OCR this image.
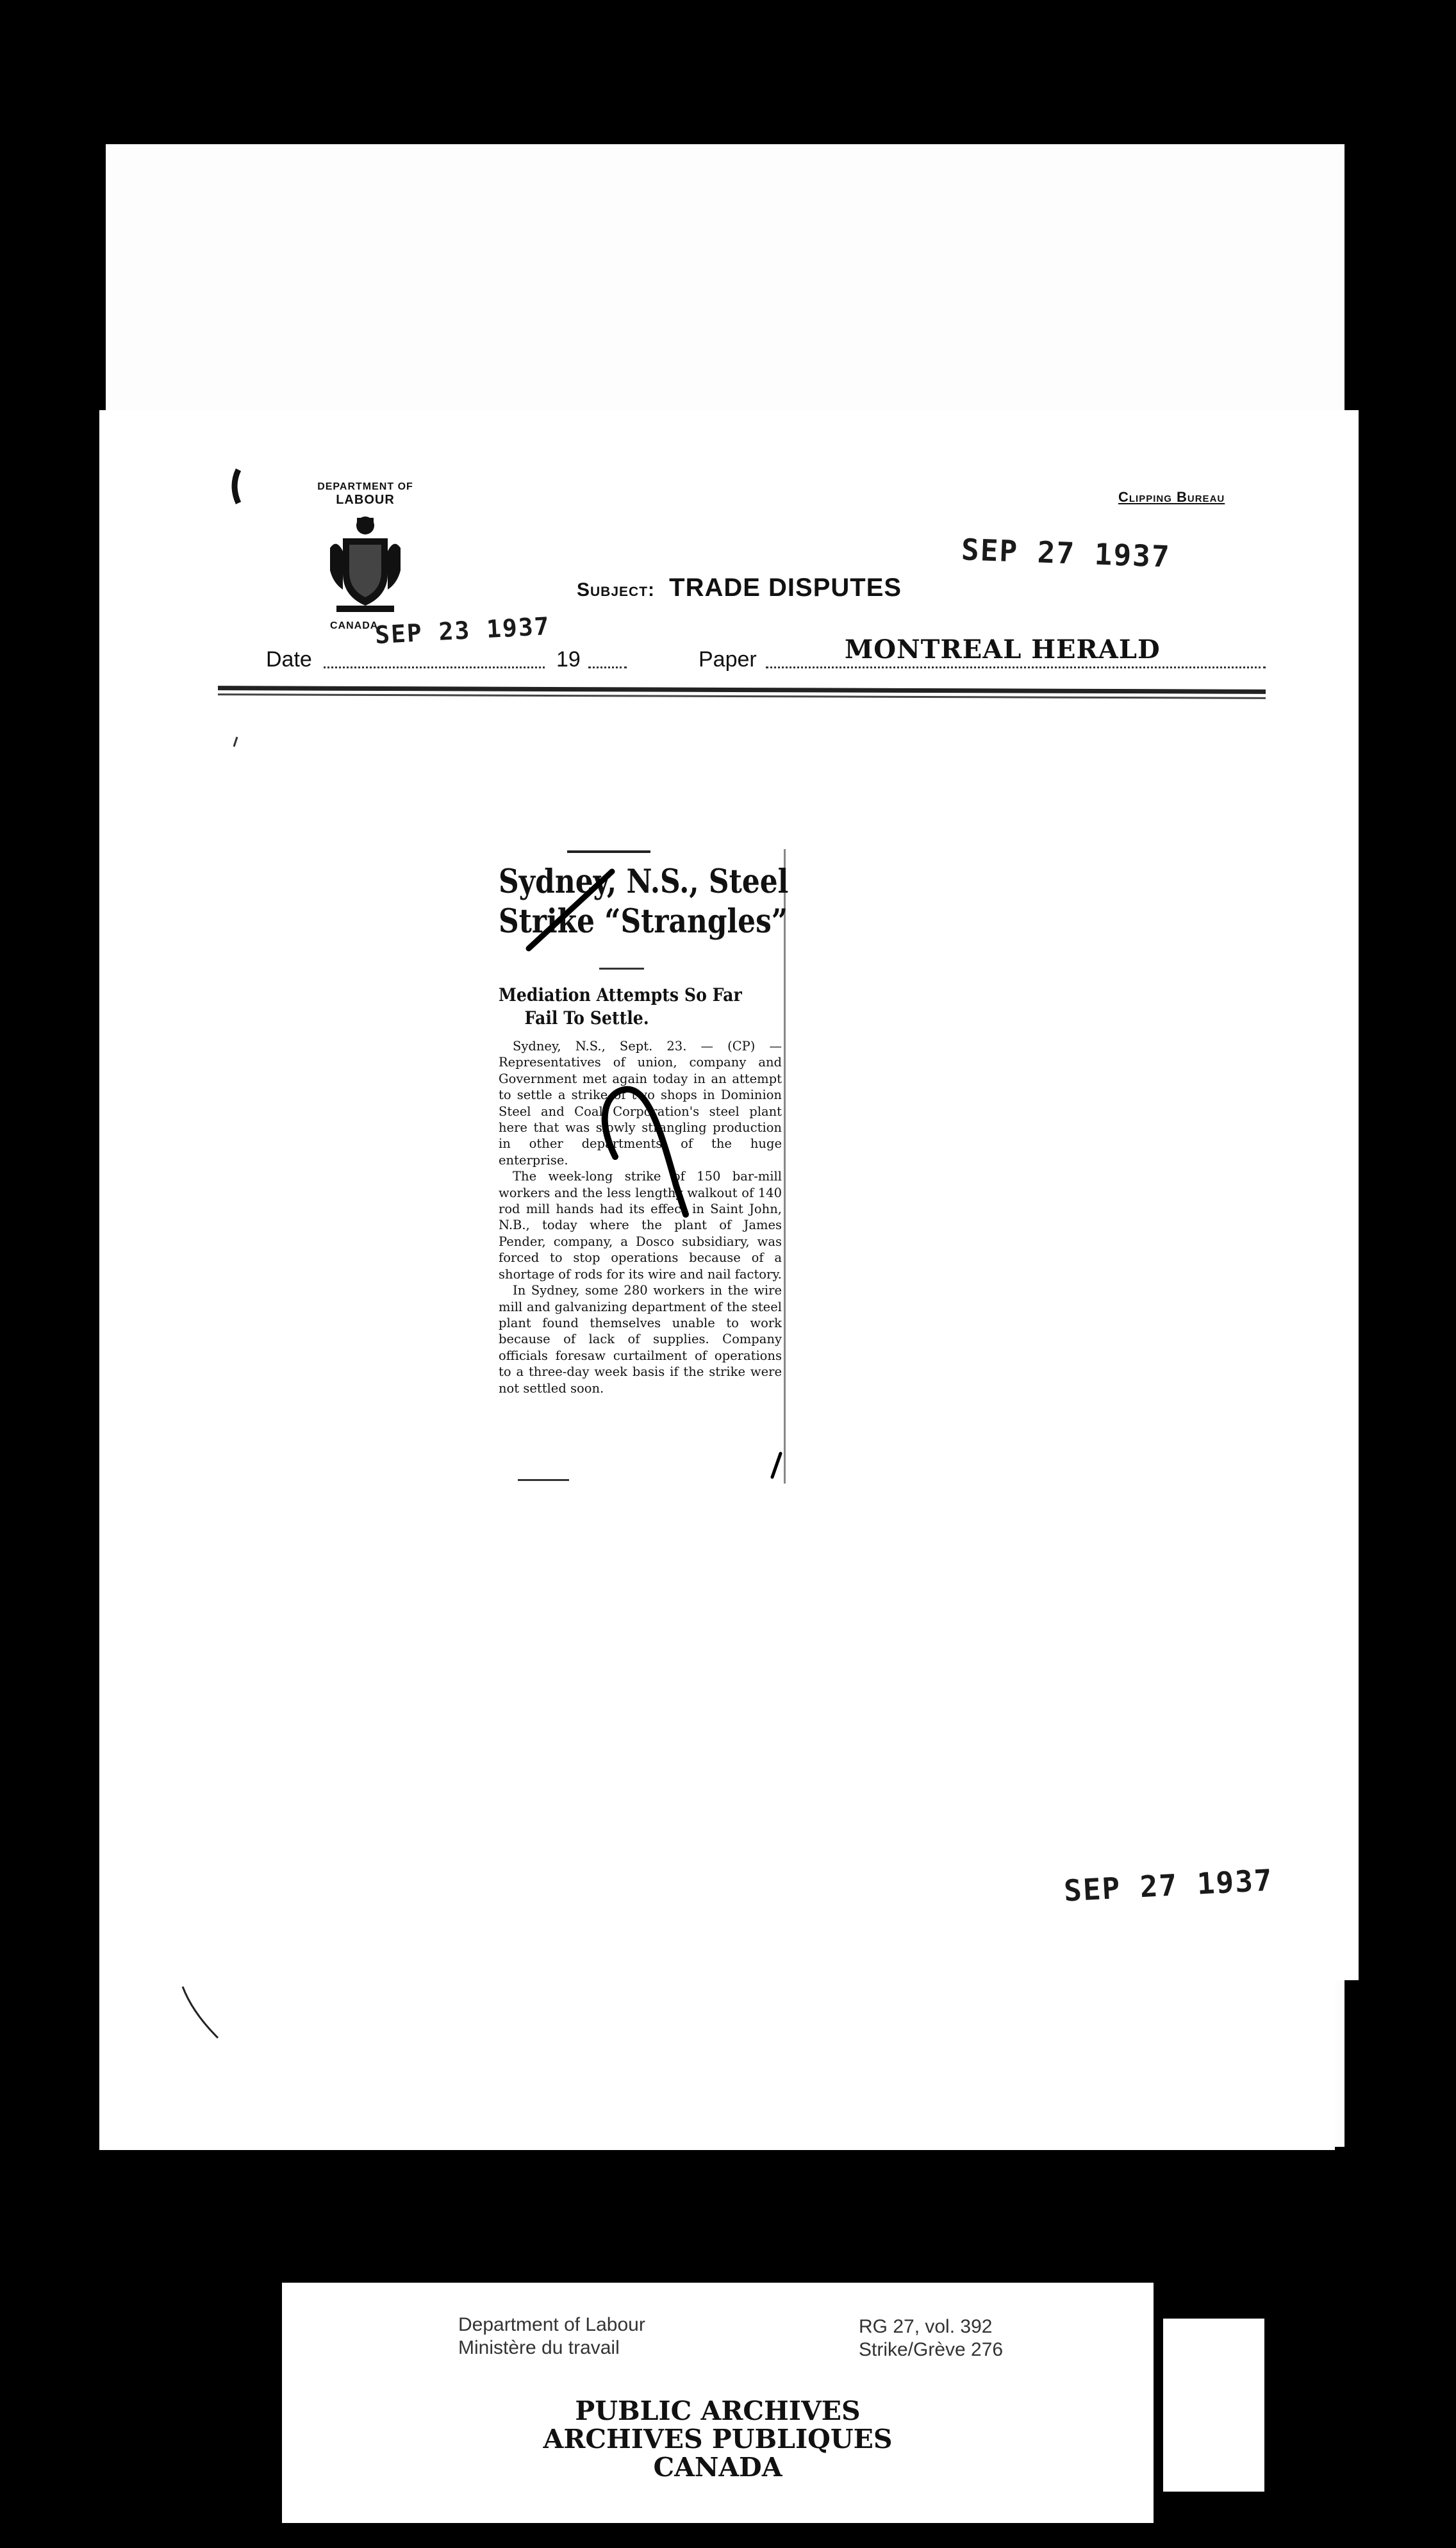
DEPARTMENT OF
LABOUR
CANADA
Clipping Bureau
Subject: TRADE DISPUTES
SEP 27 1937
SEP 23 1937
Date	19	Paper	MONTREAL HERALD
Sydney, N.S., Steel
Strike “Strangles”
Mediation Attempts So Far
Fail To Settle.

Sydney, N.S., Sept. 23. — (CP) — Representatives of union, company and Government met again today in an attempt to settle a strike of two shops in Dominion Steel and Coal Corporation's steel plant here that was slowly strangling production in other departments of the huge enterprise.

The week-long strike of 150 bar-mill workers and the less lengthy walkout of 140 rod mill hands had its effect in Saint John, N.B., today where the plant of James Pender, company, a Dosco subsidiary, was forced to stop operations because of a shortage of rods for its wire and nail factory.

In Sydney, some 280 workers in the wire mill and galvanizing department of the steel plant found themselves unable to work because of lack of supplies. Company officials foresaw curtailment of operations to a three-day week basis if the strike were not settled soon.

SEP 27 1937
Department of Labour
Ministère du travail
RG 27, vol. 392
Strike/Grève 276
PUBLIC ARCHIVES
ARCHIVES PUBLIQUES
CANADA
